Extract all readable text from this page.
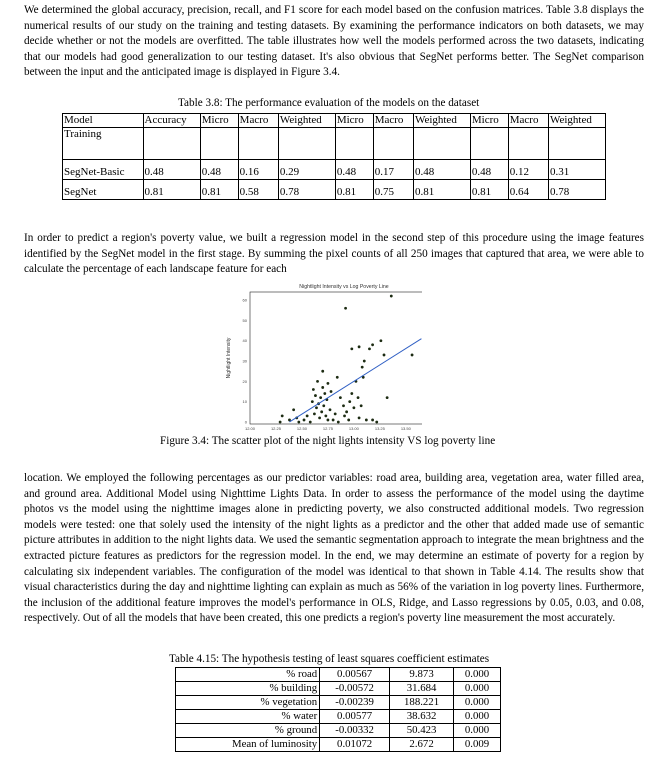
We determined the global accuracy, precision, recall, and F1 score for each model based on the confusion matrices. Table 3.8 displays the numerical results of our study on the training and testing datasets. By examining the performance indicators on both datasets, we may decide whether or not the models are overfitted. The table illustrates how well the models performed across the two datasets, indicating that our models had good generalization to our testing dataset. It's also obvious that SegNet performs better. The SegNet comparison between the input and the anticipated image is displayed in Figure 3.4.

Table 3.8: The performance evaluation of the models on the dataset
Model	Accuracy	Micro	Macro	Weighted	Micro	Macro	Weighted	Micro	Macro	Weighted
Training										
SegNet-Basic	0.48	0.48	0.16	0.29	0.48	0.17	0.48	0.48	0.12	0.31
SegNet	0.81	0.81	0.58	0.78	0.81	0.75	0.81	0.81	0.64	0.78

In order to predict a region's poverty value, we built a regression model in the second step of this procedure using the image features identified by the SegNet model in the first stage. By summing the pixel counts of all 250 images that captured that area, we were able to calculate the percentage of each landscape feature for each

Nightlight Intensity vs Log Poverty Line
0
10
20
30
40
50
60
12.00	12.25	12.50	12.75	13.00	13.25	13.50
Nightlight Intensity
Figure 3.4: The scatter plot of the night lights intensity VS log poverty line

location. We employed the following percentages as our predictor variables: road area, building area, vegetation area, water filled area, and ground area. Additional Model using Nighttime Lights Data. In order to assess the performance of the model using the daytime photos vs the model using the nighttime images alone in predicting poverty, we also constructed additional models. Two regression models were tested: one that solely used the intensity of the night lights as a predictor and the other that added made use of semantic picture attributes in addition to the night lights data. We used the semantic segmentation approach to integrate the mean brightness and the extracted picture features as predictors for the regression model. In the end, we may determine an estimate of poverty for a region by calculating six independent variables. The configuration of the model was identical to that shown in Table 4.14. The results show that visual characteristics during the day and nighttime lighting can explain as much as 56% of the variation in log poverty lines. Furthermore, the inclusion of the additional feature improves the model's performance in OLS, Ridge, and Lasso regressions by 0.05, 0.03, and 0.08, respectively. Out of all the models that have been created, this one predicts a region's poverty line measurement the most accurately.

Table 4.15: The hypothesis testing of least squares coefficient estimates
% road	0.00567	9.873	0.000
% building	-0.00572	31.684	0.000
% vegetation	-0.00239	188.221	0.000
% water	0.00577	38.632	0.000
% ground	-0.00332	50.423	0.000
Mean of luminosity	0.01072	2.672	0.009
